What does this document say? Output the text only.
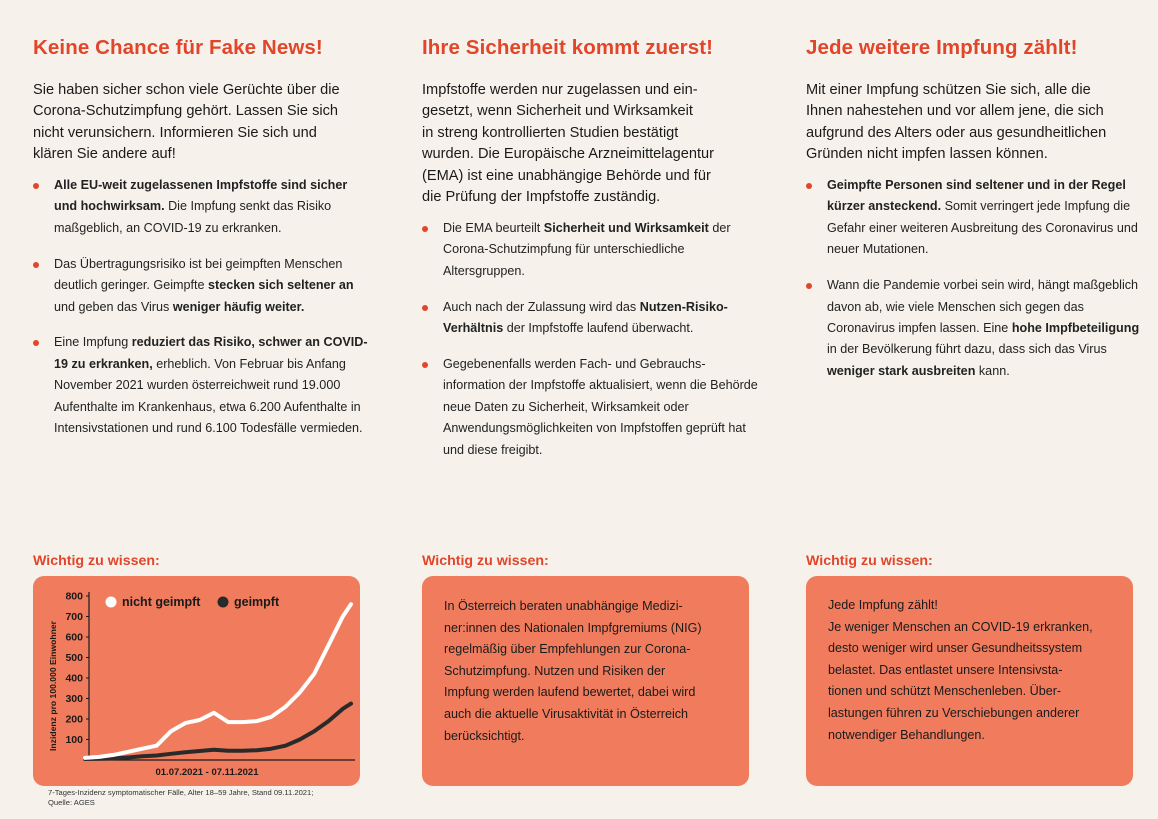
Keine Chance für Fake News!
Sie haben sicher schon viele Gerüchte über die
Corona-Schutzimpfung gehört. Lassen Sie sich
nicht verunsichern. Informieren Sie sich und
klären Sie andere auf!
Alle EU-weit zugelassenen Impfstoffe sind sicher und hochwirksam. Die Impfung senkt das Risiko maßgeblich, an COVID-19 zu erkranken.
Das Übertragungsrisiko ist bei geimpften Menschen deutlich geringer. Geimpfte stecken sich seltener an und geben das Virus weniger häufig weiter.
Eine Impfung reduziert das Risiko, schwer an COVID-19 zu erkranken, erheblich. Von Februar bis Anfang November 2021 wurden österreichweit rund 19.000 Aufenthalte im Krankenhaus, etwa 6.200 Aufenthalte in Intensivstationen und rund 6.100 Todesfälle vermieden.
Wichtig zu wissen:
100
200
300
400
500
600
700
800
Inzidenz pro 100.000 Einwohner
01.07.2021 - 07.11.2021
nicht geimpft	geimpft
7-Tages-Inzidenz symptomatischer Fälle, Alter 18–59 Jahre, Stand 09.11.2021;
Quelle: AGES
Ihre Sicherheit kommt zuerst!
Impfstoffe werden nur zugelassen und ein-
gesetzt, wenn Sicherheit und Wirksamkeit
in streng kontrollierten Studien bestätigt
wurden. Die Europäische Arzneimittelagentur
(EMA) ist eine unabhängige Behörde und für
die Prüfung der Impfstoffe zuständig.
Die EMA beurteilt Sicherheit und Wirksamkeit der Corona-Schutzimpfung für unterschiedliche Altersgruppen.
Auch nach der Zulassung wird das Nutzen-Risiko-Verhältnis der Impfstoffe laufend überwacht.
Gegebenenfalls werden Fach- und Gebrauchsinformation der Impfstoffe aktualisiert, wenn die Behörde neue Daten zu Sicherheit, Wirksamkeit oder Anwendungsmöglichkeiten von Impfstoffen geprüft hat und diese freigibt.
Wichtig zu wissen:
In Österreich beraten unabhängige Medizi-
ner:innen des Nationalen Impfgremiums (NIG)
regelmäßig über Empfehlungen zur Corona-
Schutzimpfung. Nutzen und Risiken der
Impfung werden laufend bewertet, dabei wird
auch die aktuelle Virusaktivität in Österreich
berücksichtigt.
Jede weitere Impfung zählt!
Mit einer Impfung schützen Sie sich, alle die
Ihnen nahestehen und vor allem jene, die sich
aufgrund des Alters oder aus gesundheitlichen
Gründen nicht impfen lassen können.
Geimpfte Personen sind seltener und in der Regel kürzer ansteckend. Somit verringert jede Impfung die Gefahr einer weiteren Ausbreitung des Coronavirus und neuer Mutationen.
Wann die Pandemie vorbei sein wird, hängt maßgeblich davon ab, wie viele Menschen sich gegen das Coronavirus impfen lassen. Eine hohe Impfbeteiligung in der Bevölkerung führt dazu, dass sich das Virus weniger stark ausbreiten kann.
Wichtig zu wissen:
Jede Impfung zählt!
Je weniger Menschen an COVID-19 erkranken,
desto weniger wird unser Gesundheitssystem
belastet. Das entlastet unsere Intensivsta-
tionen und schützt Menschenleben. Über-
lastungen führen zu Verschiebungen anderer
notwendiger Behandlungen.
